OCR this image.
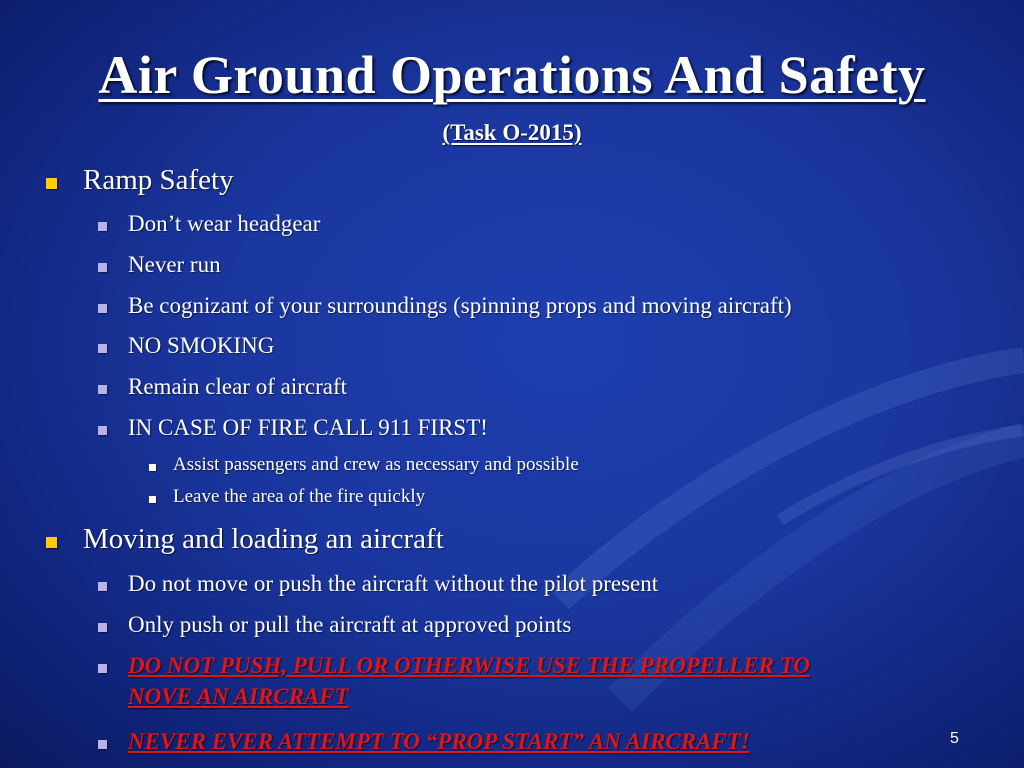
Air Ground Operations And Safety
(Task O-2015)

Ramp Safety

Don’t wear headgear

Never run

Be cognizant of your surroundings (spinning props and moving aircraft)

NO SMOKING

Remain clear of aircraft

IN CASE OF FIRE CALL 911 FIRST!

Assist passengers and crew as necessary and possible

Leave the area of the fire quickly

Moving and loading an aircraft

Do not move or push the aircraft without the pilot present

Only push or pull the aircraft at approved points

DO NOT PUSH, PULL OR OTHERWISE USE THE PROPELLER TO NOVE AN AIRCRAFT

NEVER EVER ATTEMPT TO “PROP START” AN AIRCRAFT!	5
